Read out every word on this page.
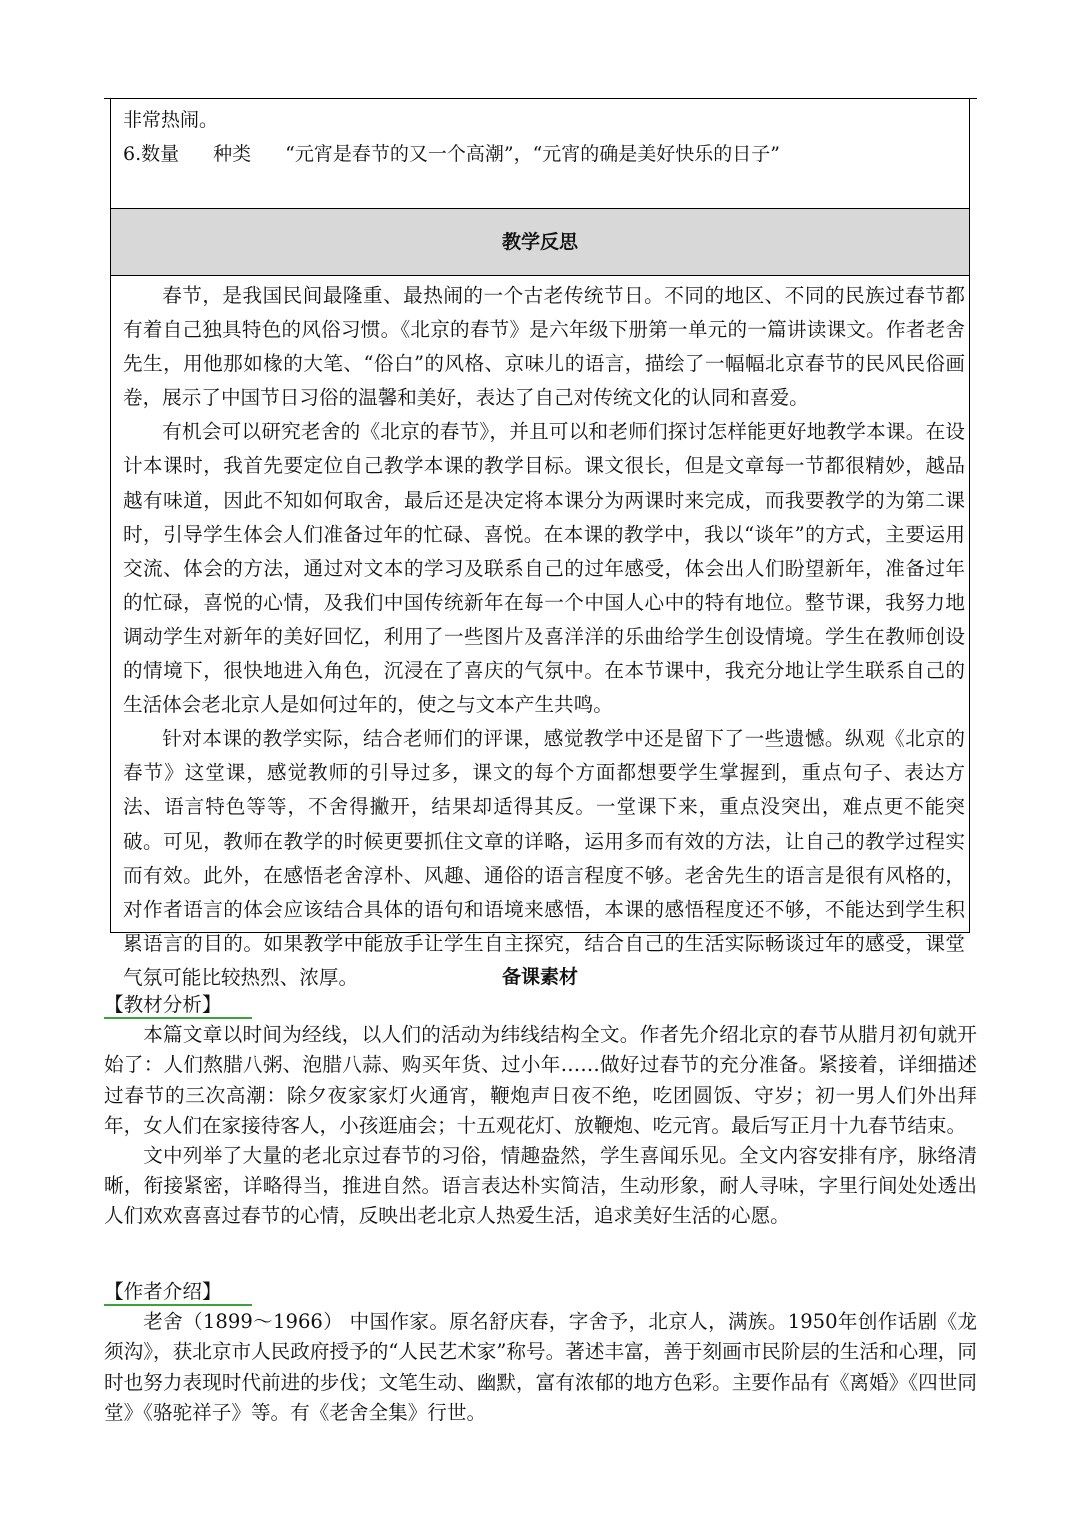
非常热闹。
6.数量 种类 “元宵是春节的又一个高潮”，“元宵的确是美好快乐的日子”
教学反思

春节，是我国民间最隆重、最热闹的一个古老传统节日。不同的地区、不同的民族过春节都有着自己独具特色的风俗习惯。《北京的春节》是六年级下册第一单元的一篇讲读课文。作者老舍先生，用他那如椽的大笔、“俗白”的风格、京味儿的语言，描绘了一幅幅北京春节的民风民俗画卷，展示了中国节日习俗的温馨和美好，表达了自己对传统文化的认同和喜爱。

有机会可以研究老舍的《北京的春节》，并且可以和老师们探讨怎样能更好地教学本课。在设计本课时，我首先要定位自己教学本课的教学目标。课文很长，但是文章每一节都很精妙，越品越有味道，因此不知如何取舍，最后还是决定将本课分为两课时来完成，而我要教学的为第二课时，引导学生体会人们准备过年的忙碌、喜悦。在本课的教学中，我以“谈年”的方式，主要运用交流、体会的方法，通过对文本的学习及联系自己的过年感受，体会出人们盼望新年，准备过年的忙碌，喜悦的心情，及我们中国传统新年在每一个中国人心中的特有地位。整节课，我努力地调动学生对新年的美好回忆，利用了一些图片及喜洋洋的乐曲给学生创设情境。学生在教师创设的情境下，很快地进入角色，沉浸在了喜庆的气氛中。在本节课中，我充分地让学生联系自己的生活体会老北京人是如何过年的，使之与文本产生共鸣。

针对本课的教学实际，结合老师们的评课，感觉教学中还是留下了一些遗憾。纵观《北京的春节》这堂课，感觉教师的引导过多，课文的每个方面都想要学生掌握到，重点句子、表达方法、语言特色等等，不舍得撇开，结果却适得其反。一堂课下来，重点没突出，难点更不能突破。可见，教师在教学的时候更要抓住文章的详略，运用多而有效的方法，让自己的教学过程实而有效。此外，在感悟老舍淳朴、风趣、通俗的语言程度不够。老舍先生的语言是很有风格的，对作者语言的体会应该结合具体的语句和语境来感悟，本课的感悟程度还不够，不能达到学生积累语言的目的。如果教学中能放手让学生自主探究，结合自己的生活实际畅谈过年的感受，课堂气氛可能比较热烈、浓厚。	备课素材
【教材分析】

本篇文章以时间为经线，以人们的活动为纬线结构全文。作者先介绍北京的春节从腊月初旬就开始了：人们熬腊八粥、泡腊八蒜、购买年货、过小年……做好过春节的充分准备。紧接着，详细描述过春节的三次高潮：除夕夜家家灯火通宵，鞭炮声日夜不绝，吃团圆饭、守岁；初一男人们外出拜年，女人们在家接待客人，小孩逛庙会；十五观花灯、放鞭炮、吃元宵。最后写正月十九春节结束。

文中列举了大量的老北京过春节的习俗，情趣盎然，学生喜闻乐见。全文内容安排有序，脉络清晰，衔接紧密，详略得当，推进自然。语言表达朴实简洁，生动形象，耐人寻味，字里行间处处透出人们欢欢喜喜过春节的心情，反映出老北京人热爱生活，追求美好生活的心愿。

【作者介绍】

老舍（1899～1966） 中国作家。原名舒庆春，字舍予，北京人，满族。1950年创作话剧《龙须沟》，获北京市人民政府授予的“人民艺术家”称号。著述丰富，善于刻画市民阶层的生活和心理，同时也努力表现时代前进的步伐；文笔生动、幽默，富有浓郁的地方色彩。主要作品有《离婚》《四世同堂》《骆驼祥子》等。有《老舍全集》行世。
